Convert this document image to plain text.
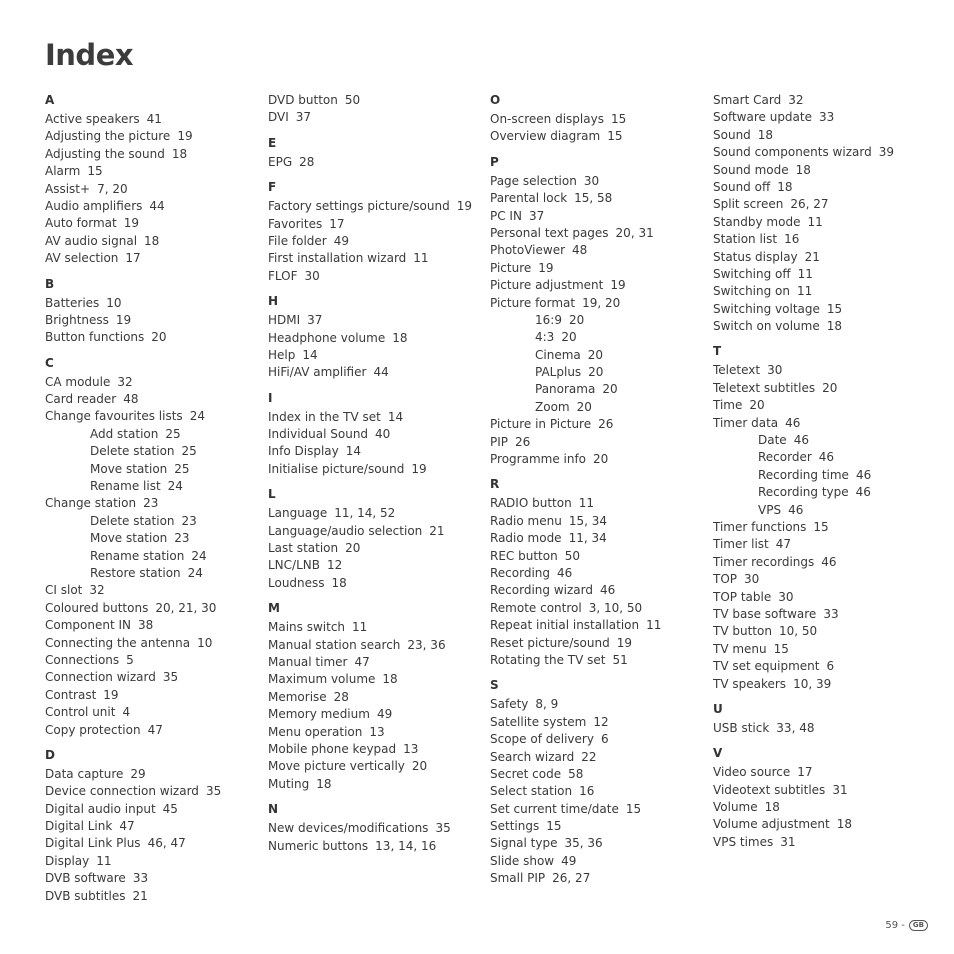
Index
A
Active speakers 41
Adjusting the picture 19
Adjusting the sound 18
Alarm 15
Assist+ 7, 20
Audio amplifiers 44
Auto format 19
AV audio signal 18
AV selection 17
B
Batteries 10
Brightness 19
Button functions 20
C
CA module 32
Card reader 48
Change favourites lists 24
Add station 25
Delete station 25
Move station 25
Rename list 24
Change station 23
Delete station 23
Move station 23
Rename station 24
Restore station 24
CI slot 32
Coloured buttons 20, 21, 30
Component IN 38
Connecting the antenna 10
Connections 5
Connection wizard 35
Contrast 19
Control unit 4
Copy protection 47
D
Data capture 29
Device connection wizard 35
Digital audio input 45
Digital Link 47
Digital Link Plus 46, 47
Display 11
DVB software 33
DVB subtitles 21
DVD button 50
DVI 37
E
EPG 28
F
Factory settings picture/sound 19
Favorites 17
File folder 49
First installation wizard 11
FLOF 30
H
HDMI 37
Headphone volume 18
Help 14
HiFi/AV amplifier 44
I
Index in the TV set 14
Individual Sound 40
Info Display 14
Initialise picture/sound 19
L
Language 11, 14, 52
Language/audio selection 21
Last station 20
LNC/LNB 12
Loudness 18
M
Mains switch 11
Manual station search 23, 36
Manual timer 47
Maximum volume 18
Memorise 28
Memory medium 49
Menu operation 13
Mobile phone keypad 13
Move picture vertically 20
Muting 18
N
New devices/modifications 35
Numeric buttons 13, 14, 16
O
On-screen displays 15
Overview diagram 15
P
Page selection 30
Parental lock 15, 58
PC IN 37
Personal text pages 20, 31
PhotoViewer 48
Picture 19
Picture adjustment 19
Picture format 19, 20
16:9 20
4:3 20
Cinema 20
PALplus 20
Panorama 20
Zoom 20
Picture in Picture 26
PIP 26
Programme info 20
R
RADIO button 11
Radio menu 15, 34
Radio mode 11, 34
REC button 50
Recording 46
Recording wizard 46
Remote control 3, 10, 50
Repeat initial installation 11
Reset picture/sound 19
Rotating the TV set 51
S
Safety 8, 9
Satellite system 12
Scope of delivery 6
Search wizard 22
Secret code 58
Select station 16
Set current time/date 15
Settings 15
Signal type 35, 36
Slide show 49
Small PIP 26, 27
Smart Card 32
Software update 33
Sound 18
Sound components wizard 39
Sound mode 18
Sound off 18
Split screen 26, 27
Standby mode 11
Station list 16
Status display 21
Switching off 11
Switching on 11
Switching voltage 15
Switch on volume 18
T
Teletext 30
Teletext subtitles 20
Time 20
Timer data 46
Date 46
Recorder 46
Recording time 46
Recording type 46
VPS 46
Timer functions 15
Timer list 47
Timer recordings 46
TOP 30
TOP table 30
TV base software 33
TV button 10, 50
TV menu 15
TV set equipment 6
TV speakers 10, 39
U
USB stick 33, 48
V
Video source 17
Videotext subtitles 31
Volume 18
Volume adjustment 18
VPS times 31
59 -	GB
